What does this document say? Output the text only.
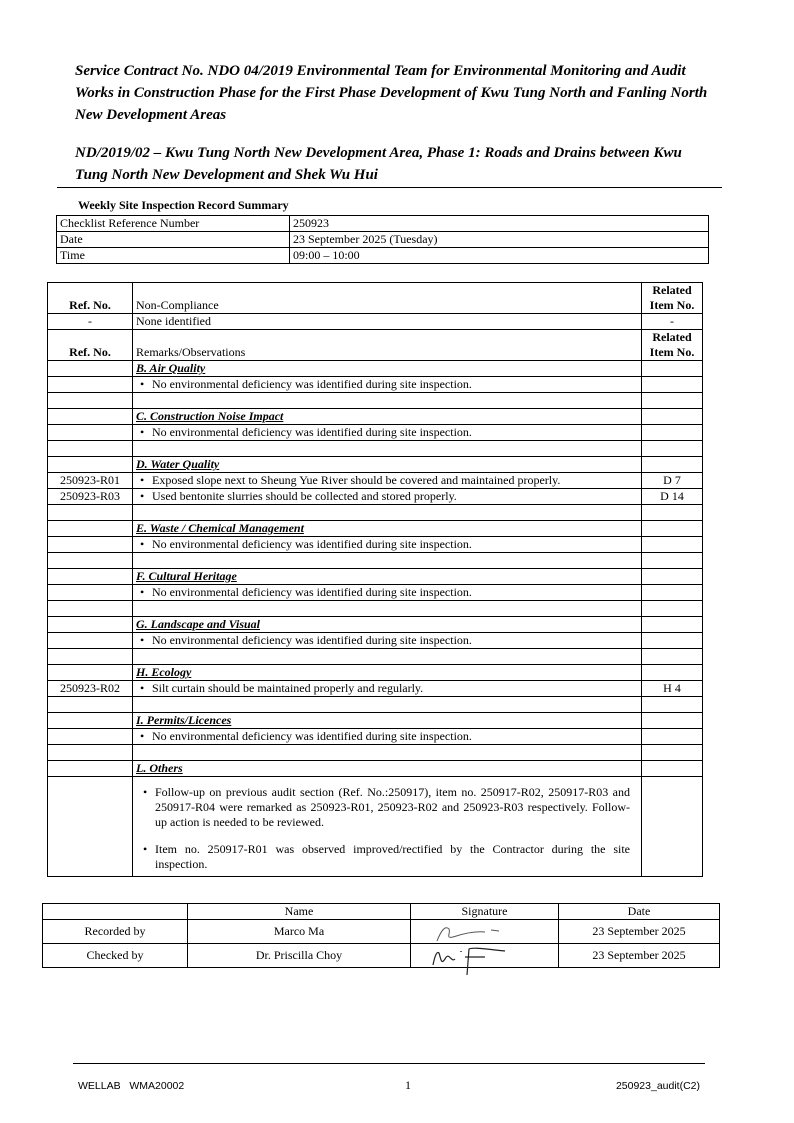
Service Contract No. NDO 04/2019 Environmental Team for Environmental Monitoring and Audit Works in Construction Phase for the First Phase Development of Kwu Tung North and Fanling North New Development Areas
ND/2019/02 – Kwu Tung North New Development Area, Phase 1: Roads and Drains between Kwu Tung North New Development and Shek Wu Hui
Weekly Site Inspection Record Summary
Checklist Reference Number	250923
Date	23 September 2025 (Tuesday)
Time	09:00 – 10:00
Ref. No.	Non-Compliance	Related
Item No.
-	None identified	-
Ref. No.	Remarks/Observations	Related
Item No.
	B. Air Quality	
	• No environmental deficiency was identified during site inspection.	

	C. Construction Noise Impact	
	• No environmental deficiency was identified during site inspection.	

	D. Water Quality	
250923-R01	• Exposed slope next to Sheung Yue River should be covered and maintained properly.	D 7
250923-R03	• Used bentonite slurries should be collected and stored properly.	D 14

	E. Waste / Chemical Management	
	• No environmental deficiency was identified during site inspection.	

	F. Cultural Heritage	
	• No environmental deficiency was identified during site inspection.	

	G. Landscape and Visual	
	• No environmental deficiency was identified during site inspection.	

	H. Ecology	
250923-R02	• Silt curtain should be maintained properly and regularly.	H 4

	I. Permits/Licences	
	• No environmental deficiency was identified during site inspection.	

	L. Others	

	• Follow-up on previous audit section (Ref. No.:250917), item no. 250917-R02, 250917-R03 and 250917-R04 were remarked as 250923-R01, 250923-R02 and 250923-R03 respectively. Follow-up action is needed to be reviewed.
• Item no. 250917-R01 was observed improved/rectified by the Contractor during the site inspection.

	Name	Signature	Date
Recorded by	Marco Ma		23 September 2025
Checked by	Dr. Priscilla Choy		23 September 2025
WELLAB   WMA20002	1	250923_audit(C2)
